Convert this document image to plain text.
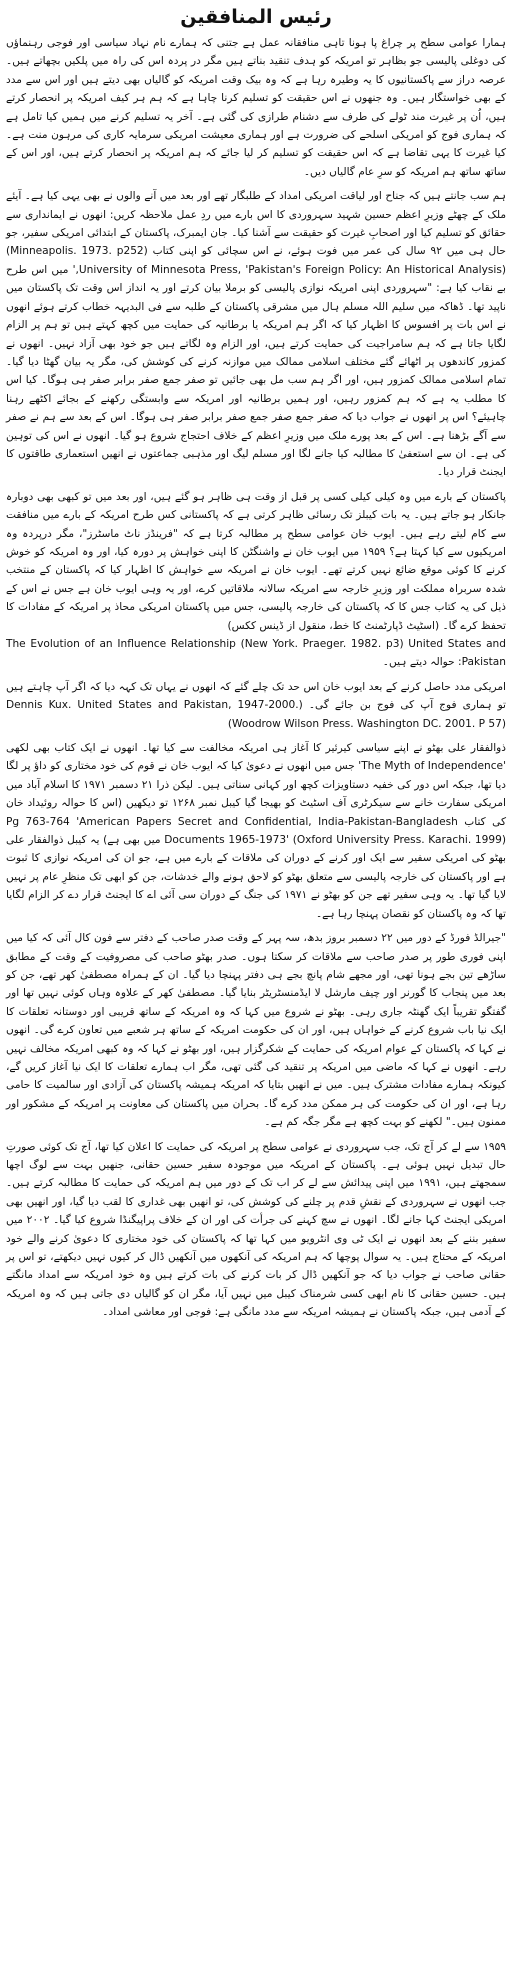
رئیس المنافقین

ہمارا عوامی سطح پر چراغ پا ہونا تاہی منافقانہ عمل ہے جتنی کہ ہمارے نام نہاد سیاسی اور فوجی رہنماؤں کی دوغلی پالیسی جو بظاہر تو امریکہ کو ہدف تنقید بناتے ہیں مگر در پردہ اس کی راہ میں پلکیں بچھاتے ہیں۔ عرصہ دراز سے پاکستانیوں کا یہ وطیرہ رہا ہے کہ وہ بیک وقت امریکہ کو گالیاں بھی دیتے ہیں اور اس سے مدد کے بھی خواستگار ہیں۔ وہ جنھوں نے اس حقیقت کو تسلیم کرنا چاہا ہے کہ ہم ہر کیف امریکہ پر انحصار کرتے ہیں، اُن پر غیرت مند ٹولے کی طرف سے دشنام طرازی کی گئی ہے۔ آخر یہ تسلیم کرنے میں ہمیں کیا تامل ہے کہ ہماری فوج کو امریکی اسلحے کی ضرورت ہے اور ہماری معیشت امریکی سرمایہ کاری کی مرہون منت ہے۔ کیا غیرت کا یہی تقاضا ہے کہ اس حقیقت کو تسلیم کر لیا جائے کہ ہم امریکہ پر انحصار کرتے ہیں، اور اس کے ساتھ ساتھ ہم امریکہ کو سرِ عام گالیاں دیں۔

ہم سب جانتے ہیں کہ جناح اور لیاقت امریکی امداد کے طلبگار تھے اور بعد میں آنے والوں نے بھی یہی کیا ہے۔ آیئے ملک کے چھٹے وزیرِ اعظم حسین شہید سہروردی کا اس بارے میں ردِ عمل ملاحظہ کریں: انھوں نے ایمانداری سے حقائق کو تسلیم کیا اور اصحابِ غیرت کو حقیقت سے آشنا کیا۔ جان ایمبرک، پاکستان کے ابتدائی امریکی سفیر، جو حال ہی میں ۹۲ سال کی عمر میں فوت ہوئے، نے اس سچائی کو اپنی کتاب (Minneapolis. 1973. p252) (University of Minnesota Press, 'Pakistan's Foreign Policy: An Historical Analysis,' میں اس طرح بے نقاب کیا ہے: "سہروردی اپنی امریکہ نوازی پالیسی کو برملا بیان کرتے اور یہ انداز اس وقت تک پاکستان میں ناپید تھا۔ ڈھاکہ میں سلیم اللہ مسلم ہال میں مشرقی پاکستان کے طلبہ سے فی البدیہہ خطاب کرتے ہوئے انھوں نے اس بات پر افسوس کا اظہار کیا کہ اگر ہم امریکہ یا برطانیہ کی حمایت میں کچھ کہتے ہیں تو ہم پر الزام لگایا جاتا ہے کہ ہم سامراجیت کی حمایت کرتے ہیں، اور الزام وہ لگاتے ہیں جو خود بھی آزاد نہیں۔ انھوں نے کمزور کاندھوں پر اٹھائے گئے مختلف اسلامی ممالک میں موازنہ کرنے کی کوشش کی، مگر یہ بیان گھٹا دیا گیا۔ تمام اسلامی ممالک کمزور ہیں، اور اگر ہم سب مل بھی جائیں تو صفر جمع صفر برابر صفر ہی ہوگا۔ کیا اس کا مطلب یہ ہے کہ ہم کمزور رہیں، اور ہمیں برطانیہ اور امریکہ سے وابستگی رکھنے کے بجائے اکٹھے رہنا چاہیئے؟ اس پر انھوں نے جواب دیا کہ صفر جمع صفر جمع صفر برابر صفر ہی ہوگا۔ اس کے بعد سے ہم نے صفر سے آگے بڑھنا ہے۔ اس کے بعد پورے ملک میں وزیرِ اعظم کے خلاف احتجاج شروع ہو گیا۔ انھوں نے اس کی توہین کی ہے۔ ان سے استعفیٰ کا مطالبہ کیا جانے لگا اور مسلم لیگ اور مذہبی جماعتوں نے انھیں استعماری طاقتوں کا ایجنٹ قرار دیا۔

پاکستان کے بارے میں وہ کیلی کیلی کسی پر قبل از وقت ہی ظاہر ہو گئے ہیں، اور بعد میں تو کبھی بھی دوبارہ جانکار ہو جاتے ہیں۔ یہ بات کیبلز تک رسائی ظاہر کرتی ہے کہ پاکستانی کس طرح امریکہ کے بارے میں منافقت سے کام لیتے رہے ہیں۔ ایوب خان عوامی سطح پر مطالبہ کرتا ہے کہ "فرینڈز ناٹ ماسٹرز"، مگر درپردہ وہ امریکیوں سے کیا کہتا ہے؟ ۱۹۵۹ میں ایوب خان نے واشنگٹن کا اپنی خواہش پر دورہ کیا، اور وہ امریکہ کو خوش کرنے کا کوئی موقع ضائع نہیں کرتے تھے۔ ایوب خان نے امریکہ سے خواہش کا اظہار کیا کہ پاکستان کے منتخب شدہ سربراہ مملکت اور وزیرِ خارجہ سے امریکہ سالانہ ملاقاتیں کرے، اور یہ وہی ایوب خان ہے جس نے اس کے ذیل کی یہ کتاب جس کا کہ پاکستان کی خارجہ پالیسی، جس میں پاکستان امریکی محاذ پر امریکہ کے مفادات کا تحفظ کرے گا۔ (اسٹیٹ ڈپارٹمنٹ کا خط، منقول از ڈینس ککس)

The Evolution of an Influence Relationship (New York. Praeger. 1982. p3) United States and Pakistan: حوالہ دیتے ہیں۔

امریکی مدد حاصل کرنے کے بعد ایوب خان اس حد تک چلے گئے کہ انھوں نے یہاں تک کہہ دیا کہ اگر آپ چاہتے ہیں تو ہماری فوج آپ کی فوج بن جائے گی۔ (Dennis Kux. United States and Pakistan, 1947-2000. (Woodrow Wilson Press. Washington DC. 2001. P 57)

ذوالفقار علی بھٹو نے اپنے سیاسی کیرئیر کا آغاز ہی امریکہ مخالفت سے کیا تھا۔ انھوں نے ایک کتاب بھی لکھی 'The Myth of Independence' جس میں انھوں نے دعویٰ کیا کہ ایوب خان نے قوم کی خود مختاری کو داؤ پر لگا دیا تھا، جبکہ اس دور کی خفیہ دستاویزات کچھ اور کہانی سناتی ہیں۔ لیکن ذرا ۲۱ دسمبر ۱۹۷۱ کا اسلام آباد میں امریکی سفارت خانے سے سیکرٹری آف اسٹیٹ کو بھیجا گیا کیبل نمبر ۱۲۶۸ تو دیکھیں (اس کا حوالہ روئیداد خان کی کتاب Pg 763-764 'American Papers Secret and Confidential, India-Pakistan-Bangladesh Documents 1965-1973' (Oxford University Press. Karachi. 1999) میں بھی ہے) یہ کیبل ذوالفقار علی بھٹو کی امریکی سفیر سے ایک اور کرنے کے دوران کی ملاقات کے بارے میں ہے، جو ان کی امریکہ نوازی کا ثبوت ہے اور پاکستان کی خارجہ پالیسی سے متعلق بھٹو کو لاحق ہونے والے خدشات، جن کو ابھی تک منظرِ عام پر نہیں لایا گیا تھا۔ یہ وہی سفیر تھے جن کو بھٹو نے ۱۹۷۱ کی جنگ کے دوران سی آئی اے کا ایجنٹ قرار دے کر الزام لگایا تھا کہ وہ پاکستان کو نقصان پہنچا رہا ہے۔

"جیرالڈ فورڈ کے دور میں ۲۲ دسمبر بروز بدھ، سہ پہر کے وقت صدر صاحب کے دفتر سے فون کال آئی کہ کیا میں اپنی فوری طور پر صدر صاحب سے ملاقات کر سکتا ہوں۔ صدر بھٹو صاحب کی مصروفیت کے وقت کے مطابق ساڑھے تین بجے ہونا تھی، اور مجھے شام پانچ بجے ہی دفتر پہنچا دیا گیا۔ ان کے ہمراہ مصطفیٰ کھر تھے، جن کو بعد میں پنجاب کا گورنر اور چیف مارشل لا ایڈمنسٹریٹر بنایا گیا۔ مصطفیٰ کھر کے علاوہ وہاں کوئی نہیں تھا اور گفتگو تقریباً ایک گھنٹہ جاری رہی۔ بھٹو نے شروع میں کہا کہ وہ امریکہ کے ساتھ قریبی اور دوستانہ تعلقات کا ایک نیا باب شروع کرنے کے خواہاں ہیں، اور ان کی حکومت امریکہ کے ساتھ ہر شعبے میں تعاون کرے گی۔ انھوں نے کہا کہ پاکستان کے عوام امریکہ کی حمایت کے شکرگزار ہیں، اور بھٹو نے کہا کہ وہ کبھی امریکہ مخالف نہیں رہے۔ انھوں نے کہا کہ ماضی میں امریکہ پر تنقید کی گئی تھی، مگر اب ہمارے تعلقات کا ایک نیا آغاز کریں گے، کیونکہ ہمارے مفادات مشترک ہیں۔ میں نے انھیں بتایا کہ امریکہ ہمیشہ پاکستان کی آزادی اور سالمیت کا حامی رہا ہے، اور ان کی حکومت کی ہر ممکن مدد کرے گا۔ بحران میں پاکستان کی معاونت پر امریکہ کے مشکور اور ممنون ہیں۔" لکھنے کو بہت کچھ ہے مگر جگہ کم ہے۔

۱۹۵۹ سے لے کر آج تک، جب سہروردی نے عوامی سطح پر امریکہ کی حمایت کا اعلان کیا تھا، آج تک کوئی صورتِ حال تبدیل نہیں ہوئی ہے۔ پاکستان کے امریکہ میں موجودہ سفیر حسین حقانی، جنھیں بہت سے لوگ اچھا سمجھتے ہیں، ۱۹۹۱ میں اپنی پیدائش سے لے کر اب تک کے دور میں ہم امریکہ کی حمایت کا مطالبہ کرتے ہیں۔ جب انھوں نے سہروردی کے نقشِ قدم پر چلنے کی کوشش کی، تو انھیں بھی غداری کا لقب دیا گیا، اور انھیں بھی امریکی ایجنٹ کہا جانے لگا۔ انھوں نے سچ کہنے کی جرأت کی اور ان کے خلاف پراپیگنڈا شروع کیا گیا۔ ۲۰۰۲ میں سفیر بننے کے بعد انھوں نے ایک ٹی وی انٹرویو میں کہا تھا کہ پاکستان کی خود مختاری کا دعویٰ کرنے والے خود امریکہ کے محتاج ہیں۔ یہ سوال پوچھا کہ ہم امریکہ کی آنکھوں میں آنکھیں ڈال کر کیوں نہیں دیکھتے، تو اس پر حقانی صاحب نے جواب دیا کہ جو آنکھیں ڈال کر بات کرنے کی بات کرتے ہیں وہ خود امریکہ سے امداد مانگتے ہیں۔ حسین حقانی کا نام ابھی کسی شرمناک کیبل میں نہیں آیا، مگر ان کو گالیاں دی جاتی ہیں کہ وہ امریکہ کے آدمی ہیں، جبکہ پاکستان نے ہمیشہ امریکہ سے مدد مانگی ہے: فوجی اور معاشی امداد۔
